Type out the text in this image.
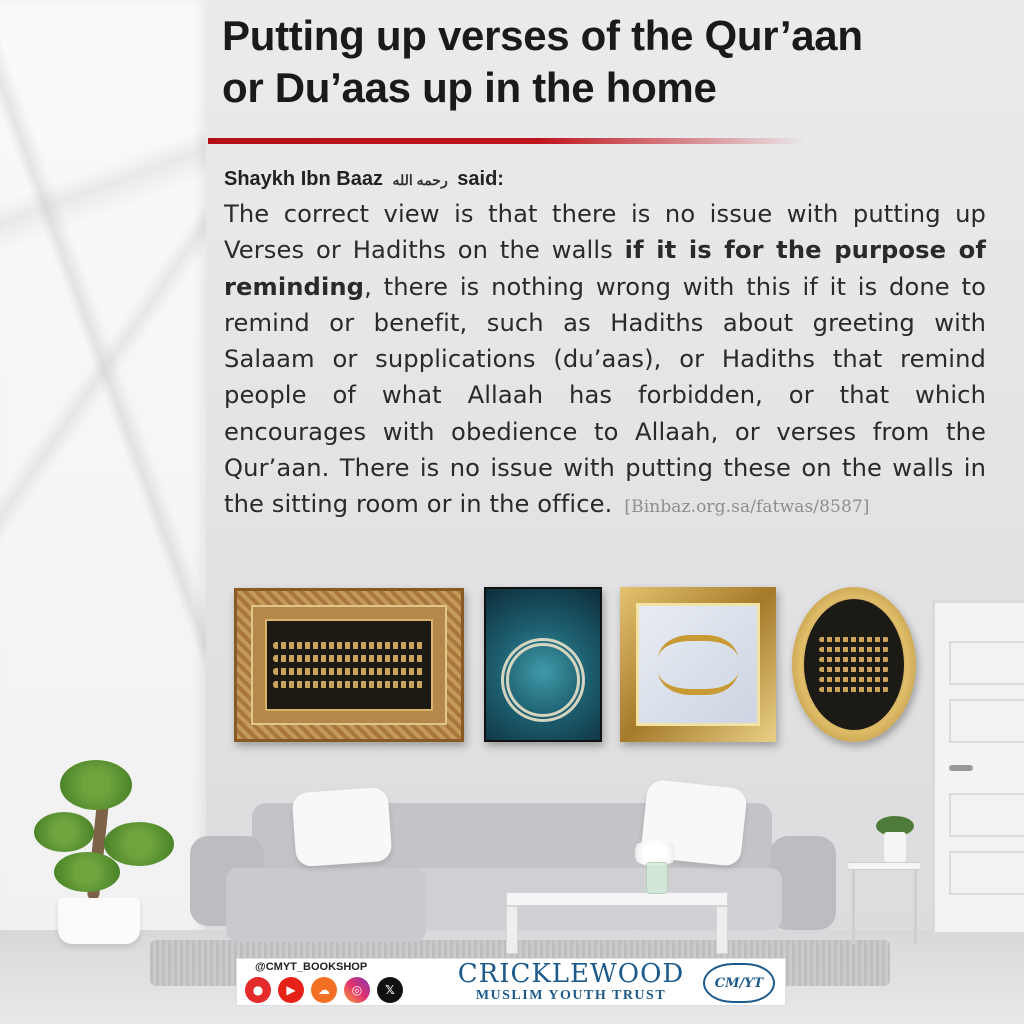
Putting up verses of the Qur’aan
or Du’aas up in the home
Shaykh Ibn Baaz رحمه الله said:
The correct view is that there is no issue with putting up Verses or Hadiths on the walls if it is for the purpose of reminding, there is nothing wrong with this if it is done to remind or benefit, such as Hadiths about greeting with Salaam or supplications (du’aas), or Hadiths that remind people of what Allaah has forbidden, or that which encourages with obedience to Allaah, or verses from the Qur’aan. There is no issue with putting these on the walls in the sitting room or in the office. [Binbaz.org.sa/fatwas/8587]
@CMYT_BOOKSHOP
●	▶	☁	◎	𝕏
CRICKLEWOOD
MUSLIM YOUTH TRUST
CM/YT
